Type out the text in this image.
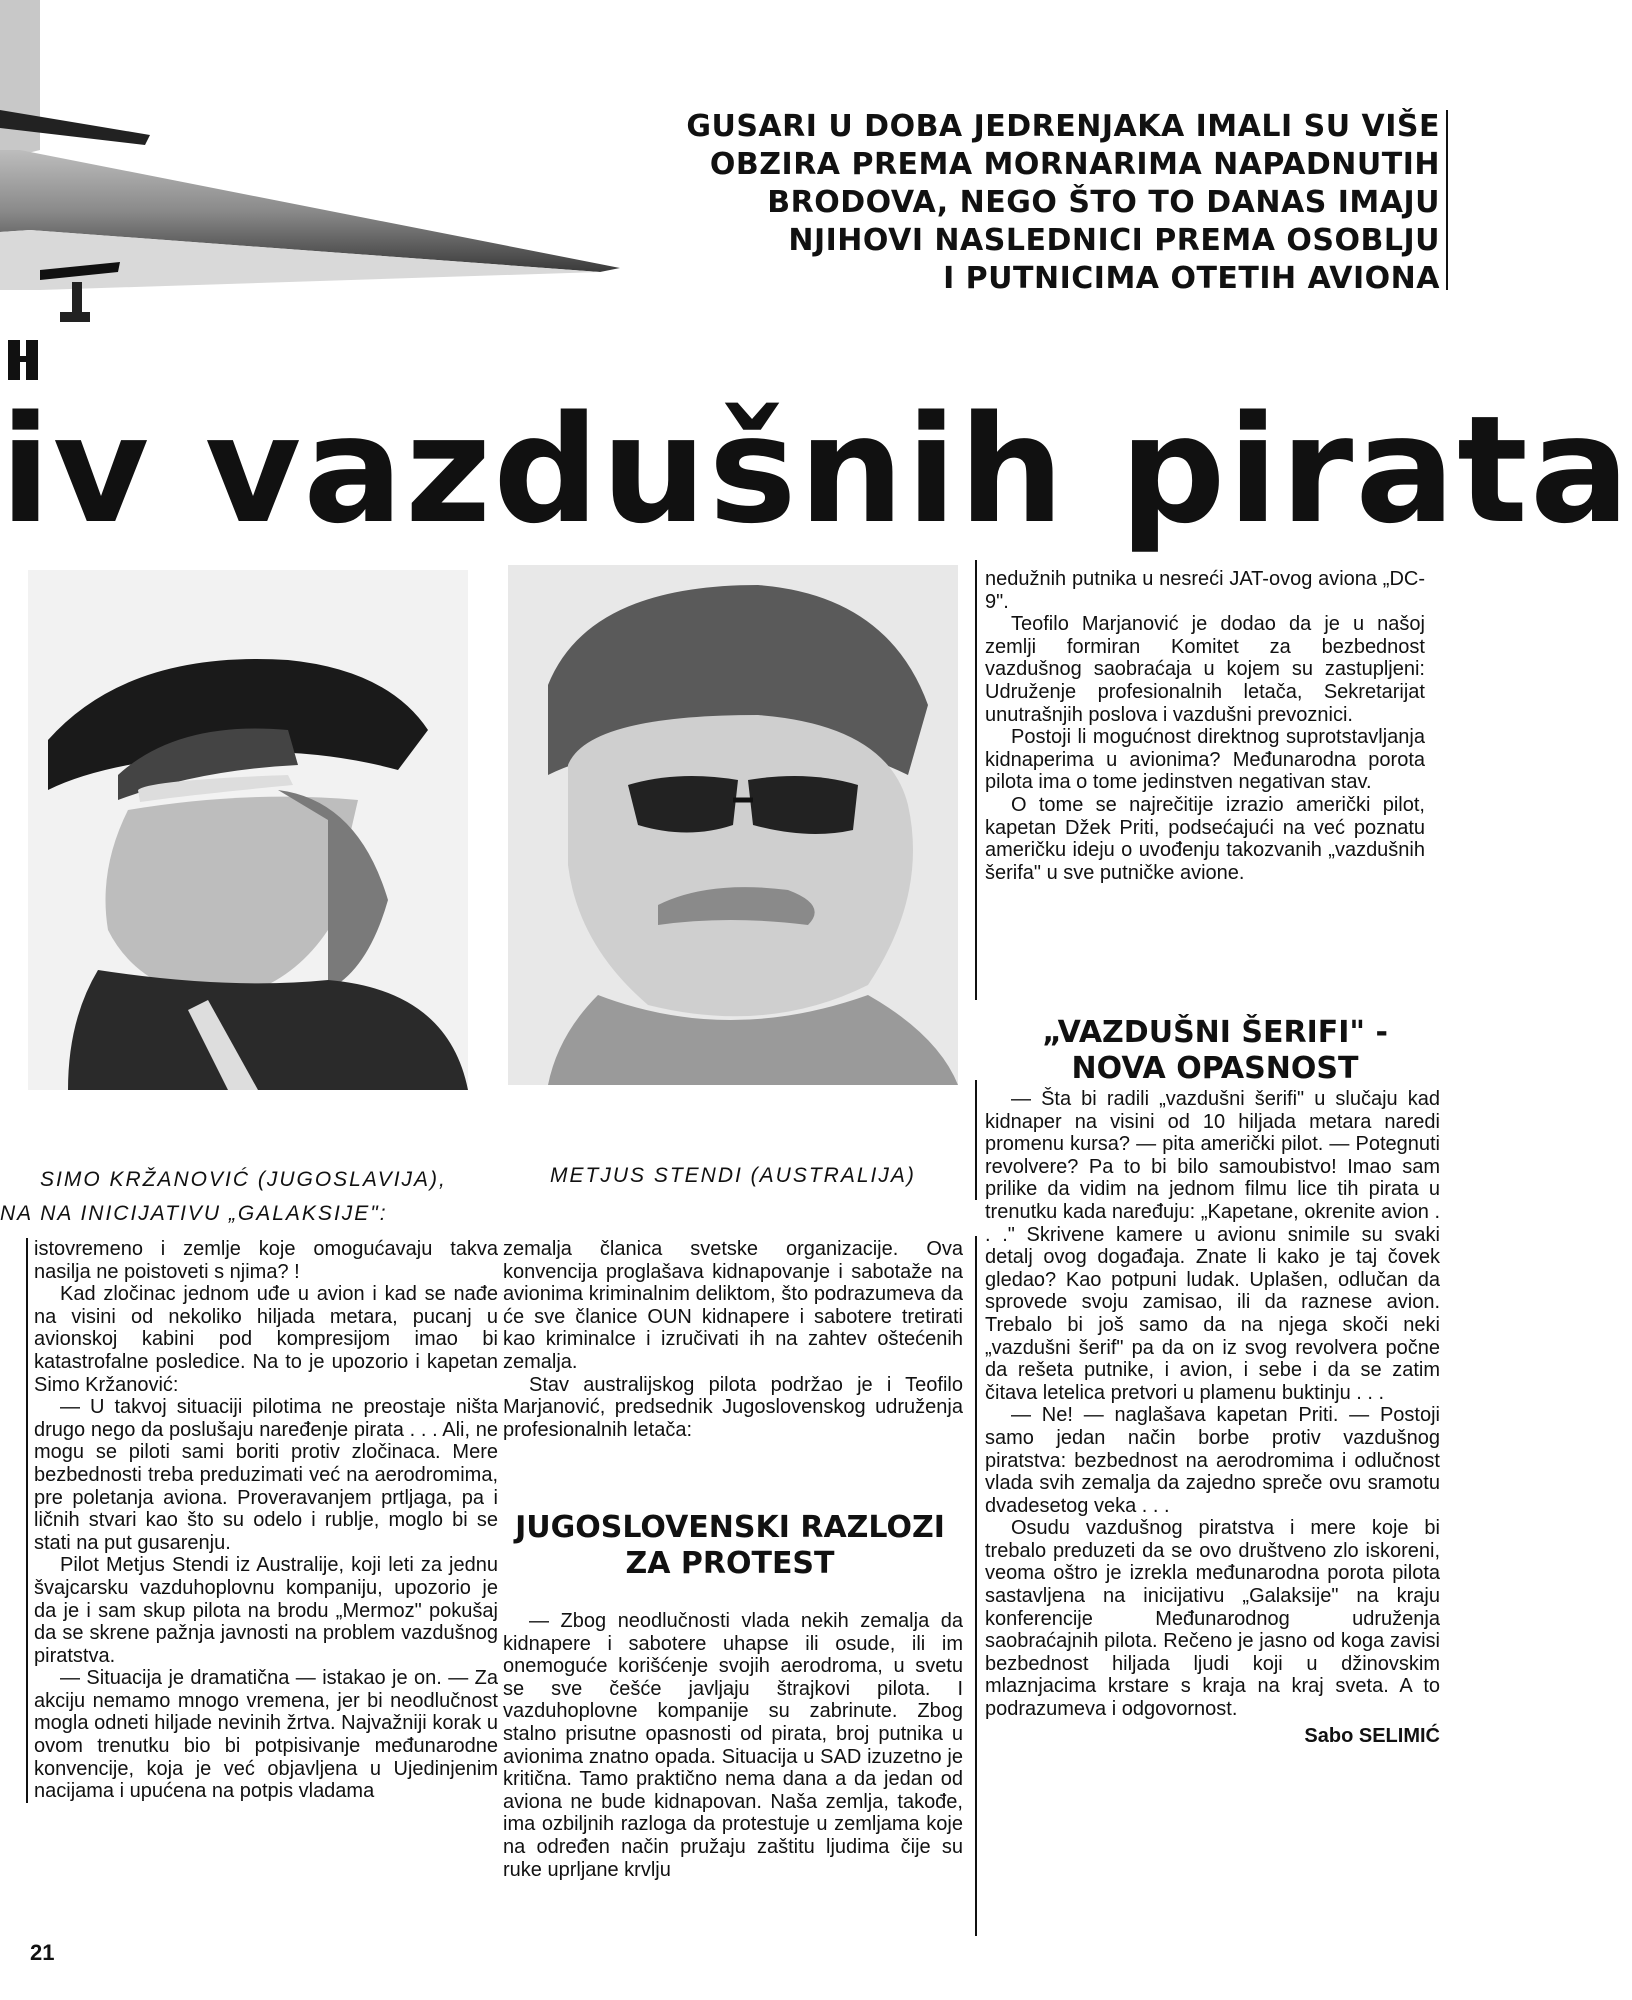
GUSARI U DOBA JEDRENJAKA IMALI SU VIŠE
OBZIRA PREMA MORNARIMA NAPADNUTIH
BRODOVA, NEGO ŠTO TO DANAS IMAJU
NJIHOVI NASLEDNICI PREMA OSOBLJU
I PUTNICIMA OTETIH AVIONA
iv vazdušnih pirata
SIMO KRŽANOVIĆ (JUGOSLAVIJA),	METJUS STENDI (AUSTRALIJA)
NA NA INICIJATIVU „GALAKSIJE":

nedužnih putnika u nesreći JAT-ovog aviona „DC-9".

Teofilo Marjanović je dodao da je u našoj zemlji formiran Komitet za bezbednost vazdušnog saobraćaja u kojem su zastupljeni: Udruženje profesionalnih letača, Sekretarijat unutrašnjih poslova i vazdušni prevoznici.

Postoji li mogućnost direktnog suprotstavljanja kidnaperima u avionima? Međunarodna porota pilota ima o tome jedinstven negativan stav.

O tome se najrečitije izrazio američki pilot, kapetan Džek Priti, podsećajući na već poznatu američku ideju o uvođenju takozvanih „vazdušnih šerifa" u sve putničke avione.

„VAZDUŠNI ŠERIFI" - NOVA OPASNOST

istovremeno i zemlje koje omogućavaju takva nasilja ne poistoveti s njima? !

Kad zločinac jednom uđe u avion i kad se nađe na visini od nekoliko hiljada metara, pucanj u avionskoj kabini pod kompresijom imao bi katastrofalne posledice. Na to je upozorio i kapetan Simo Kržanović:

— U takvoj situaciji pilotima ne preostaje ništa drugo nego da poslušaju naređenje pirata . . . Ali, ne mogu se piloti sami boriti protiv zločinaca. Mere bezbednosti treba preduzimati već na aerodromima, pre poletanja aviona. Proveravanjem prtljaga, pa i ličnih stvari kao što su odelo i rublje, moglo bi se stati na put gusarenju.

Pilot Metjus Stendi iz Australije, koji leti za jednu švajcarsku vazduhoplovnu kompaniju, upozorio je da je i sam skup pilota na brodu „Mermoz" pokušaj da se skrene pažnja javnosti na problem vazdušnog piratstva.

— Situacija je dramatična — istakao je on. — Za akciju nemamo mnogo vremena, jer bi neodlučnost mogla odneti hiljade nevinih žrtva. Najvažniji korak u ovom trenutku bio bi potpisivanje međunarodne konvencije, koja je već objavljena u Ujedinjenim nacijama i upućena na potpis vladama

zemalja članica svetske organizacije. Ova konvencija proglašava kidnapovanje i sabotaže na avionima kriminalnim deliktom, što podrazumeva da će sve članice OUN kidnapere i sabotere tretirati kao kriminalce i izručivati ih na zahtev oštećenih zemalja.

Stav australijskog pilota podržao je i Teofilo Marjanović, predsednik Jugoslovenskog udruženja profesionalnih letača:

JUGOSLOVENSKI RAZLOZI ZA PROTEST

— Zbog neodlučnosti vlada nekih zemalja da kidnapere i sabotere uhapse ili osude, ili im onemoguće korišćenje svojih aerodroma, u svetu se sve češće javljaju štrajkovi pilota. I vazduhoplovne kompanije su zabrinute. Zbog stalno prisutne opasnosti od pirata, broj putnika u avionima znatno opada. Situacija u SAD izuzetno je kritična. Tamo praktično nema dana a da jedan od aviona ne bude kidnapovan. Naša zemlja, takođe, ima ozbiljnih razloga da protestuje u zemljama koje na određen način pružaju zaštitu ljudima čije su ruke uprljane krvlju

— Šta bi radili „vazdušni šerifi" u slučaju kad kidnaper na visini od 10 hiljada metara naredi promenu kursa? — pita američki pilot. — Potegnuti revolvere? Pa to bi bilo samoubistvo! Imao sam prilike da vidim na jednom filmu lice tih pirata u trenutku kada naređuju: „Kapetane, okrenite avion . . ." Skrivene kamere u avionu snimile su svaki detalj ovog događaja. Znate li kako je taj čovek gledao? Kao potpuni ludak. Uplašen, odlučan da sprovede svoju zamisao, ili da raznese avion. Trebalo bi još samo da na njega skoči neki „vazdušni šerif" pa da on iz svog revolvera počne da rešeta putnike, i avion, i sebe i da se zatim čitava letelica pretvori u plamenu buktinju . . .

— Ne! — naglašava kapetan Priti. — Postoji samo jedan način borbe protiv vazdušnog piratstva: bezbednost na aerodromima i odlučnost vlada svih zemalja da zajedno spreče ovu sramotu dvadesetog veka . . .

Osudu vazdušnog piratstva i mere koje bi trebalo preduzeti da se ovo društveno zlo iskoreni, veoma oštro je izrekla međunarodna porota pilota sastavljena na inicijativu „Galaksije" na kraju konferencije Međunarodnog udruženja saobraćajnih pilota. Rečeno je jasno od koga zavisi bezbednost hiljada ljudi koji u džinovskim mlaznjacima krstare s kraja na kraj sveta. A to podrazumeva i odgovornost.

Sabo SELIMIĆ
21
